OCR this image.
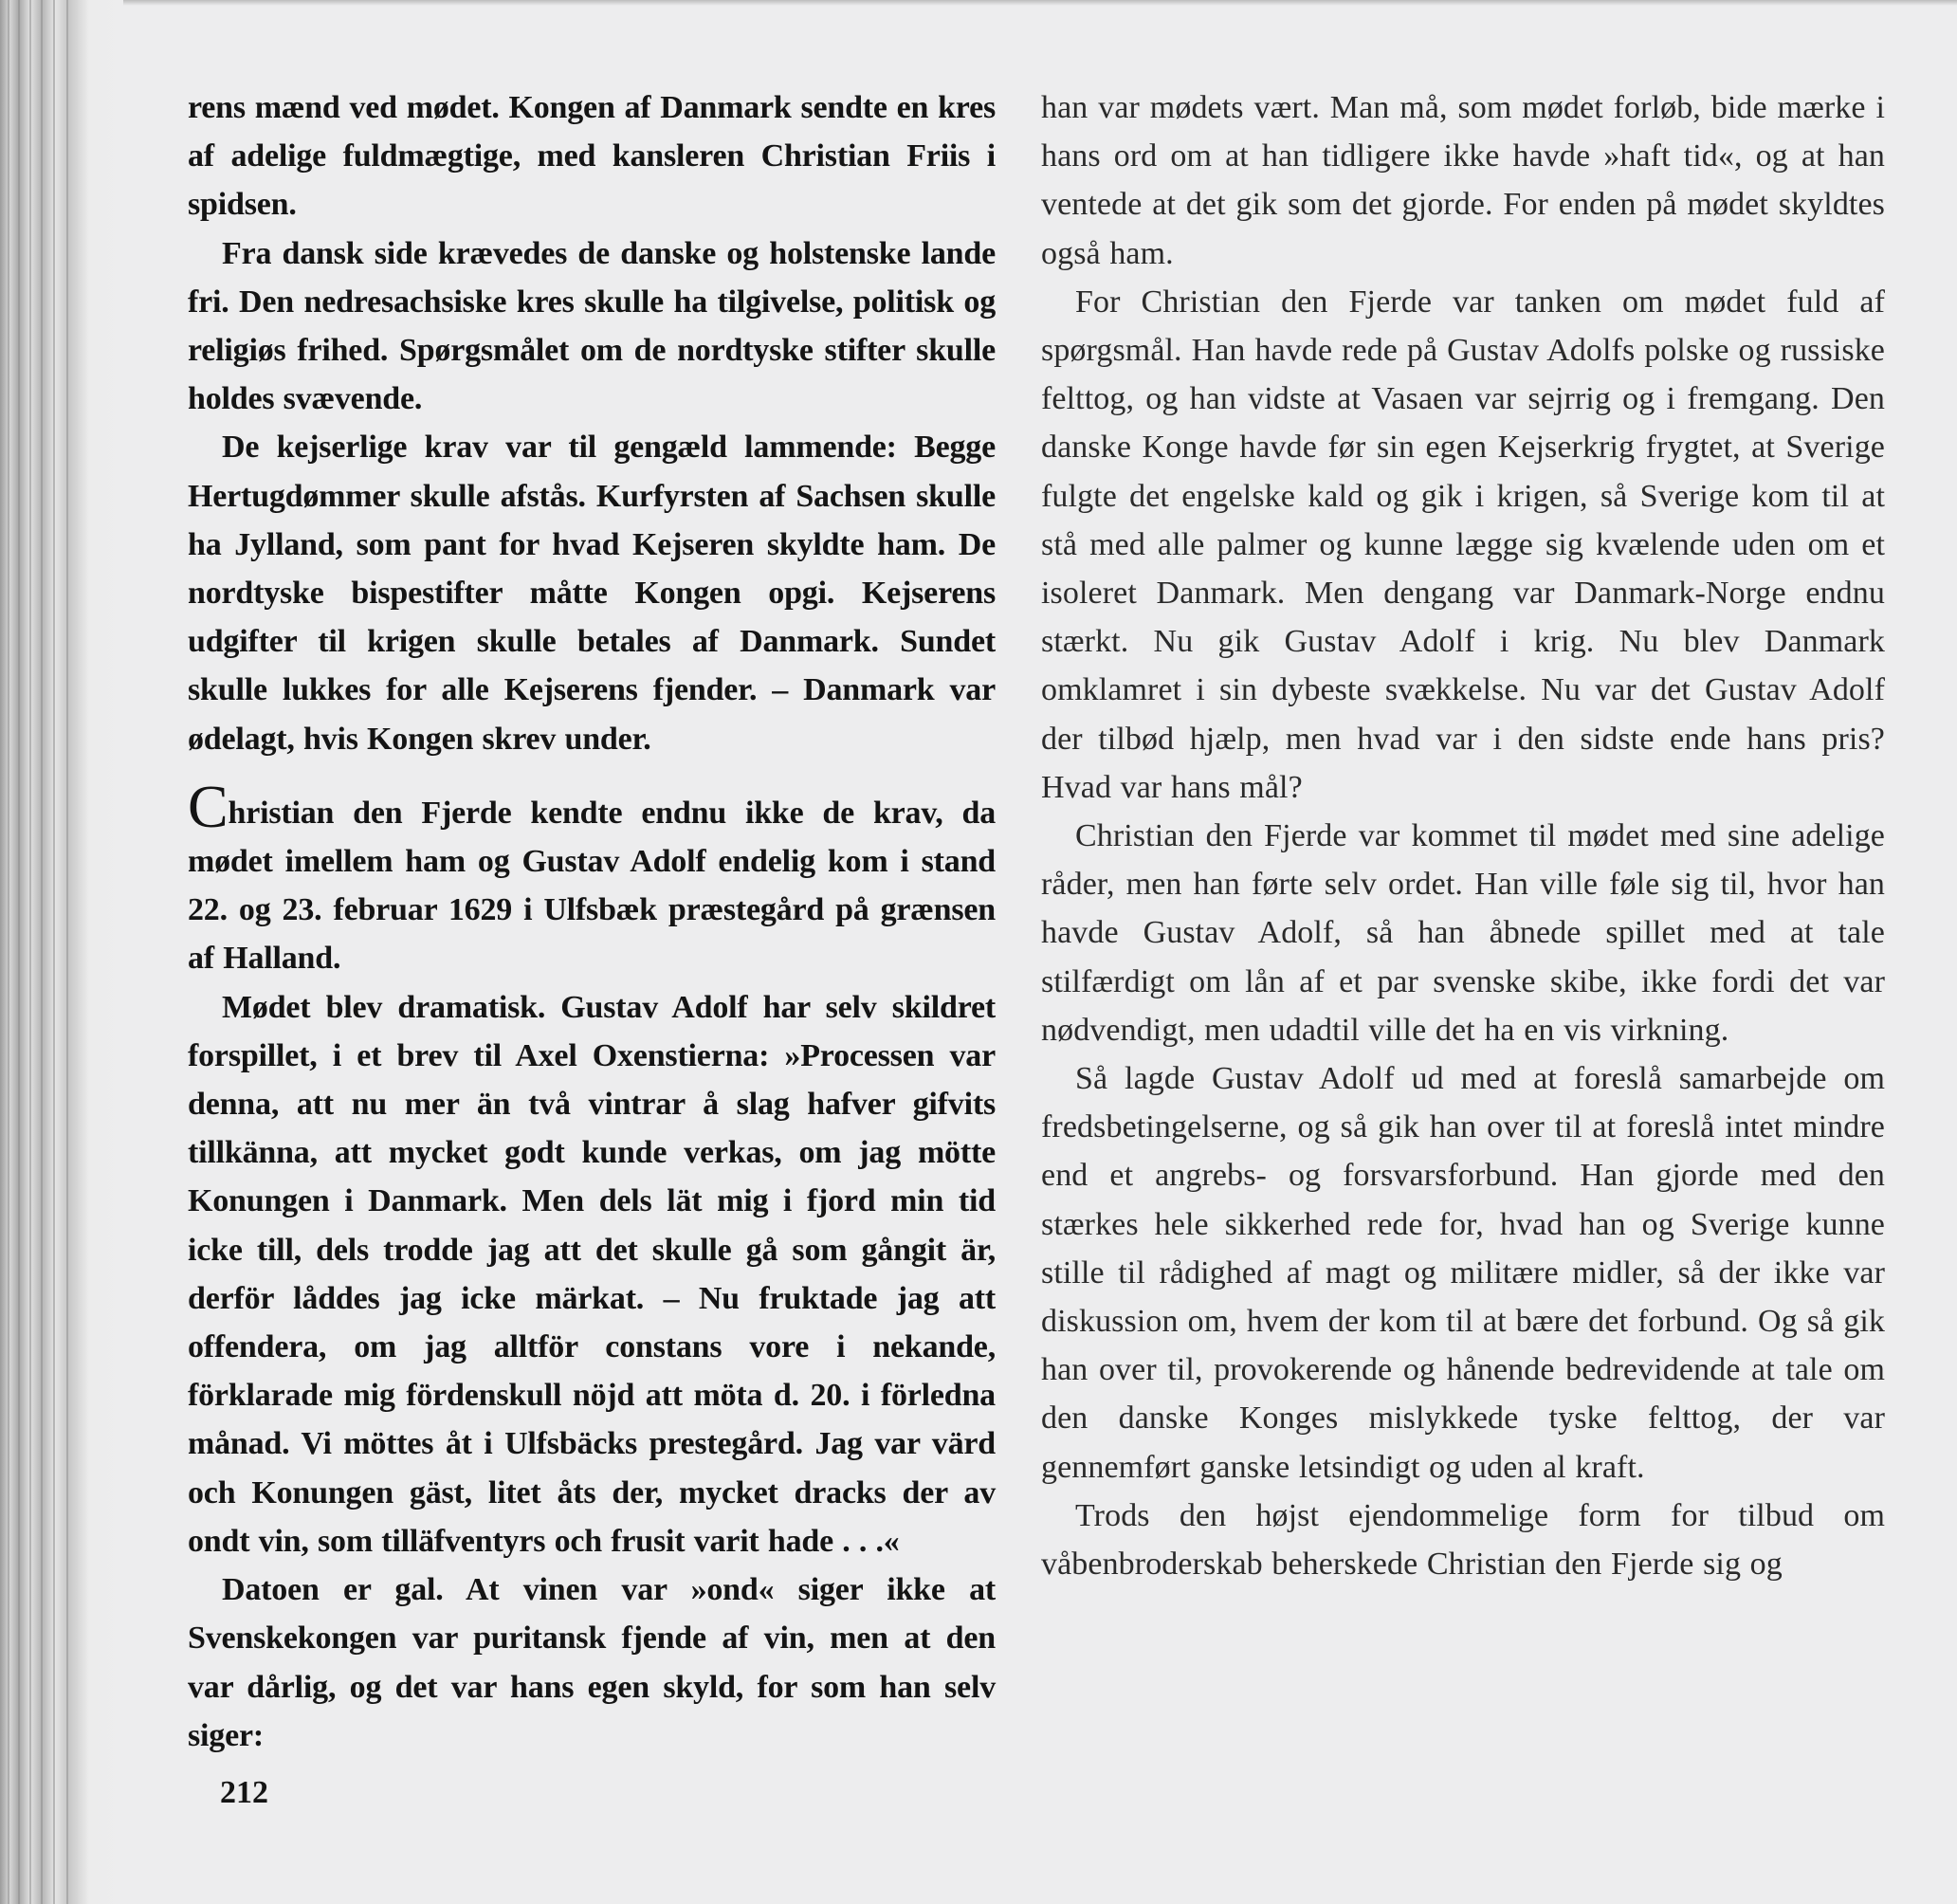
rens mænd ved mødet. Kongen af Danmark sendte en kres af adelige fuldmægtige, med kansleren Christian Friis i spidsen.

Fra dansk side krævedes de danske og holstenske lande fri. Den nedresachsiske kres skulle ha tilgivelse, politisk og religiøs frihed. Spørgsmålet om de nordtyske stifter skulle holdes svævende.

De kejserlige krav var til gengæld lammende: Begge Hertugdømmer skulle afstås. Kurfyrsten af Sachsen skulle ha Jylland, som pant for hvad Kejseren skyldte ham. De nordtyske bispestifter måtte Kongen opgi. Kejserens udgifter til krigen skulle betales af Danmark. Sundet skulle lukkes for alle Kejserens fjender. – Danmark var ødelagt, hvis Kongen skrev under.

Christian den Fjerde kendte endnu ikke de krav, da mødet imellem ham og Gustav Adolf endelig kom i stand 22. og 23. februar 1629 i Ulfsbæk præstegård på grænsen af Halland.

Mødet blev dramatisk. Gustav Adolf har selv skildret forspillet, i et brev til Axel Oxenstierna: »Processen var denna, att nu mer än två vintrar å slag hafver gifvits tillkänna, att mycket godt kunde verkas, om jag mötte Konungen i Danmark. Men dels lät mig i fjord min tid icke till, dels trodde jag att det skulle gå som gångit är, derför låddes jag icke märkat. – Nu fruktade jag att offendera, om jag alltför constans vore i nekande, förklarade mig fördenskull nöjd att möta d. 20. i förledna månad. Vi möttes åt i Ulfsbäcks prestegård. Jag var värd och Konungen gäst, litet åts der, mycket dracks der av ondt vin, som tilläfventyrs och frusit varit hade . . .«

Datoen er gal. At vinen var »ond« siger ikke at Svenskekongen var puritansk fjende af vin, men at den var dårlig, og det var hans egen skyld, for som han selv siger:

han var mødets vært. Man må, som mødet forløb, bide mærke i hans ord om at han tidligere ikke havde »haft tid«, og at han ventede at det gik som det gjorde. For enden på mødet skyldtes også ham.

For Christian den Fjerde var tanken om mødet fuld af spørgsmål. Han havde rede på Gustav Adolfs polske og russiske felttog, og han vidste at Vasaen var sejrrig og i fremgang. Den danske Konge havde før sin egen Kejserkrig frygtet, at Sverige fulgte det engelske kald og gik i krigen, så Sverige kom til at stå med alle palmer og kunne lægge sig kvælende uden om et isoleret Danmark. Men dengang var Danmark-Norge endnu stærkt. Nu gik Gustav Adolf i krig. Nu blev Danmark omklamret i sin dybeste svækkelse. Nu var det Gustav Adolf der tilbød hjælp, men hvad var i den sidste ende hans pris? Hvad var hans mål?

Christian den Fjerde var kommet til mødet med sine adelige råder, men han førte selv ordet. Han ville føle sig til, hvor han havde Gustav Adolf, så han åbnede spillet med at tale stilfærdigt om lån af et par svenske skibe, ikke fordi det var nødvendigt, men udadtil ville det ha en vis virkning.

Så lagde Gustav Adolf ud med at foreslå samarbejde om fredsbetingelserne, og så gik han over til at foreslå intet mindre end et angrebs- og forsvarsforbund. Han gjorde med den stærkes hele sikkerhed rede for, hvad han og Sverige kunne stille til rådighed af magt og militære midler, så der ikke var diskussion om, hvem der kom til at bære det forbund. Og så gik han over til, provokerende og hånende bedrevidende at tale om den danske Konges mislykkede tyske felttog, der var gennemført ganske letsindigt og uden al kraft.

Trods den højst ejendommelige form for tilbud om våbenbroderskab beherskede Christian den Fjerde sig og

212
